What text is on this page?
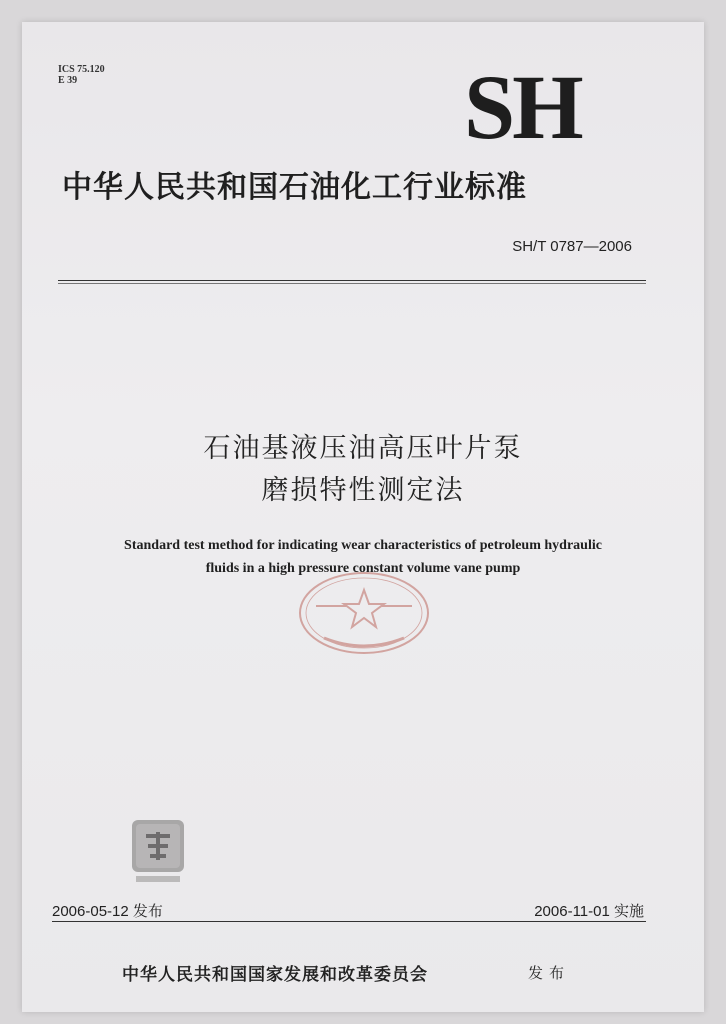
ICS 75.120
E 39	SH
中华人民共和国石油化工行业标准
SH/T 0787—2006
石油基液压油高压叶片泵
磨损特性测定法
Standard test method for indicating wear characteristics of petroleum hydraulic
fluids in a high pressure constant volume vane pump
2006-05-12 发布	2006-11-01 实施
中华人民共和国国家发展和改革委员会	发布
